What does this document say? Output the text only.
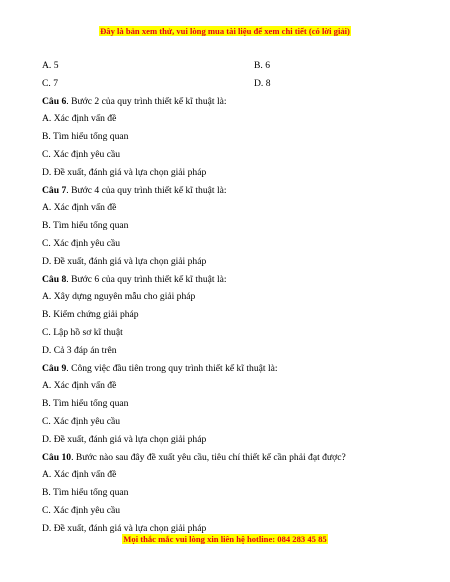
Đây là bản xem thử, vui lòng mua tài liệu để xem chi tiết (có lời giải)
A. 5	B. 6
C. 7	D. 8
Câu 6. Bước 2 của quy trình thiết kế kĩ thuật là:
A. Xác định vấn đề
B. Tìm hiểu tổng quan
C. Xác định yêu cầu
D. Đề xuất, đánh giá và lựa chọn giải pháp
Câu 7. Bước 4 của quy trình thiết kế kĩ thuật là:
A. Xác định vấn đề
B. Tìm hiểu tổng quan
C. Xác định yêu cầu
D. Đề xuất, đánh giá và lựa chọn giải pháp
Câu 8. Bước 6 của quy trình thiết kế kĩ thuật là:
A. Xây dựng nguyên mẫu cho giải pháp
B. Kiểm chứng giải pháp
C. Lập hồ sơ kĩ thuật
D. Cả 3 đáp án trên
Câu 9. Công việc đầu tiên trong quy trình thiết kế kĩ thuật là:
A. Xác định vấn đề
B. Tìm hiểu tổng quan
C. Xác định yêu cầu
D. Đề xuất, đánh giá và lựa chọn giải pháp
Câu 10. Bước nào sau đây đề xuất yêu cầu, tiêu chí thiết kế cần phải đạt được?
A. Xác định vấn đề
B. Tìm hiểu tổng quan
C. Xác định yêu cầu
D. Đề xuất, đánh giá và lựa chọn giải pháp
Mọi thắc mắc vui lòng xin liên hệ hotline: 084 283 45 85
